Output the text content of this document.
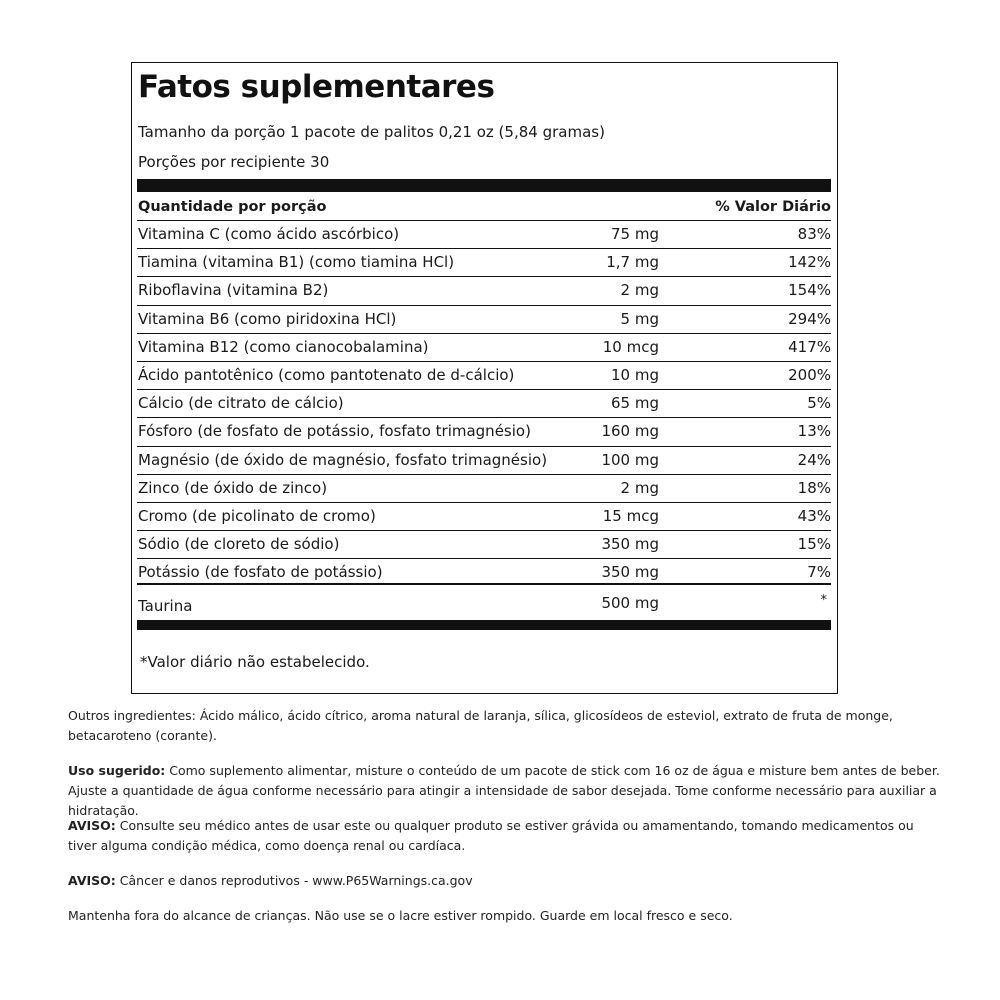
Fatos suplementares
Tamanho da porção 1 pacote de palitos 0,21 oz (5,84 gramas)
Porções por recipiente 30
Quantidade por porção	% Valor Diário
Vitamina C (como ácido ascórbico)	75 mg	83%
Tiamina (vitamina B1) (como tiamina HCl)	1,7 mg	142%
Riboflavina (vitamina B2)	2 mg	154%
Vitamina B6 (como piridoxina HCl)	5 mg	294%
Vitamina B12 (como cianocobalamina)	10 mcg	417%
Ácido pantotênico (como pantotenato de d-cálcio)	10 mg	200%
Cálcio (de citrato de cálcio)	65 mg	5%
Fósforo (de fosfato de potássio, fosfato trimagnésio)	160 mg	13%
Magnésio (de óxido de magnésio, fosfato trimagnésio)	100 mg	24%
Zinco (de óxido de zinco)	2 mg	18%
Cromo (de picolinato de cromo)	15 mcg	43%
Sódio (de cloreto de sódio)	350 mg	15%
Potássio (de fosfato de potássio)	350 mg	7%
Taurina	500 mg	*
*Valor diário não estabelecido.
Outros ingredientes: Ácido málico, ácido cítrico, aroma natural de laranja, sílica, glicosídeos de esteviol, extrato de fruta de monge, betacaroteno (corante).
Uso sugerido: Como suplemento alimentar, misture o conteúdo de um pacote de stick com 16 oz de água e misture bem antes de beber. Ajuste a quantidade de água conforme necessário para atingir a intensidade de sabor desejada. Tome conforme necessário para auxiliar a hidratação.
AVISO: Consulte seu médico antes de usar este ou qualquer produto se estiver grávida ou amamentando, tomando medicamentos ou tiver alguma condição médica, como doença renal ou cardíaca.
AVISO: Câncer e danos reprodutivos - www.P65Warnings.ca.gov
Mantenha fora do alcance de crianças. Não use se o lacre estiver rompido. Guarde em local fresco e seco.
